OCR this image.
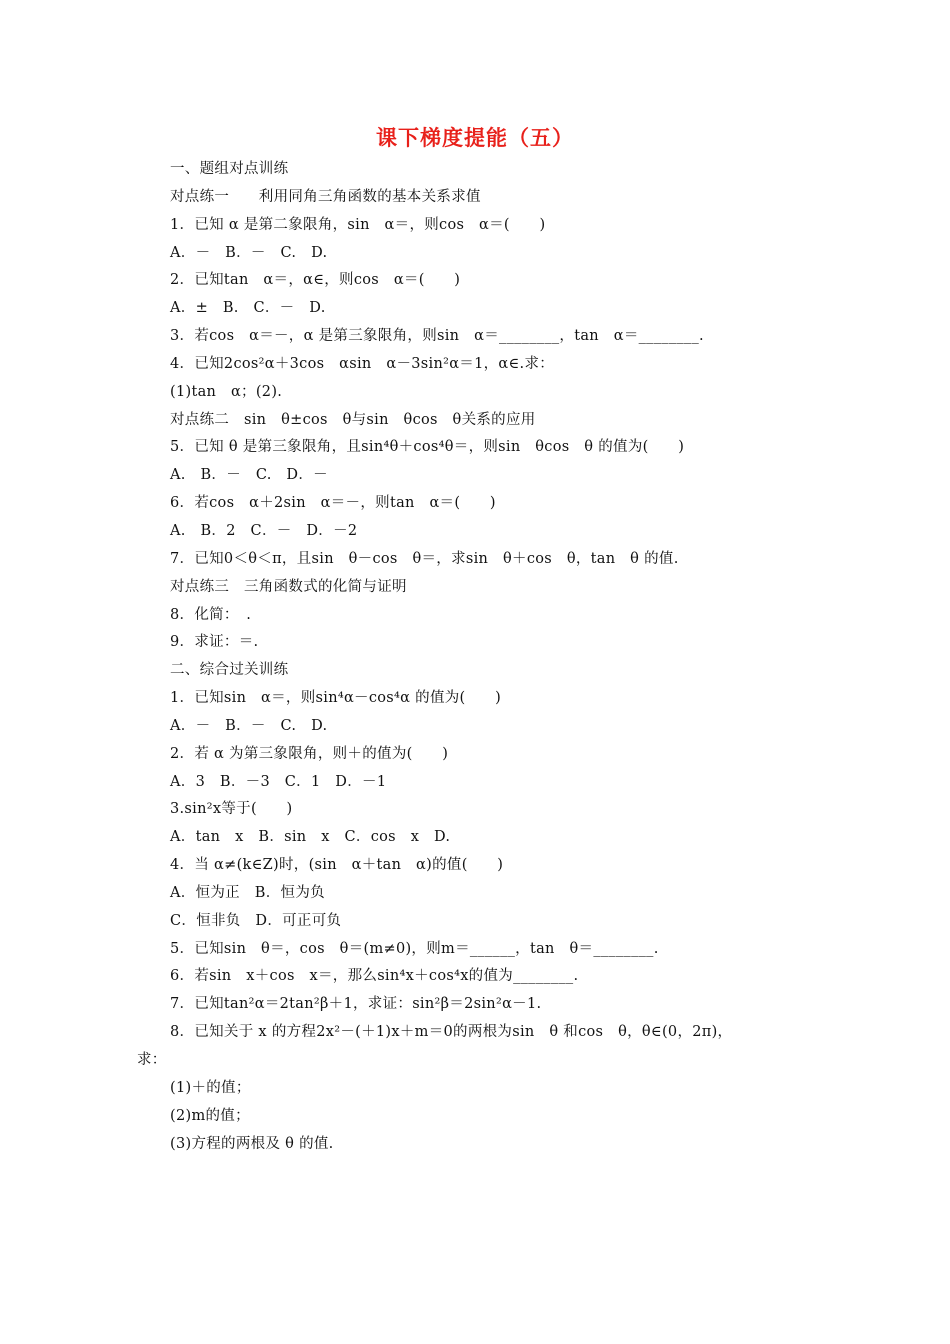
课下梯度提能（五）
一、题组对点训练
对点练一　　利用同角三角函数的基本关系求值
1．已知 α 是第二象限角，sin　α＝，则cos　α＝(　　)
A．－　B．－　C.　D.
2．已知tan　α＝，α∈，则cos　α＝(　　)
A．±　B.　C．－　D.
3．若cos　α＝－，α 是第三象限角，则sin　α＝________，tan　α＝________.
4．已知2cos²α＋3cos　αsin　α－3sin²α＝1，α∈.求：
(1)tan　α；(2).
对点练二　sin　θ±cos　θ与sin　θcos　θ关系的应用
5．已知 θ 是第三象限角，且sin⁴θ＋cos⁴θ＝，则sin　θcos　θ 的值为(　　)
A.　B．－　C.　D．－
6．若cos　α＋2sin　α＝－，则tan　α＝(　　)
A.　B．2　C．－　D．－2
7．已知0＜θ＜π，且sin　θ－cos　θ＝，求sin　θ＋cos　θ，tan　θ 的值.
对点练三　三角函数式的化简与证明
8．化简：　.
9．求证：＝.
二、综合过关训练
1．已知sin　α＝，则sin⁴α－cos⁴α 的值为(　　)
A．－　B．－　C.　D.
2．若 α 为第三象限角，则＋的值为(　　)
A．3　B．－3　C．1　D．－1
3.sin²x等于(　　)
A．tan　x　B．sin　x　C．cos　x　D.
4．当 α≠(k∈Z)时，(sin　α＋tan　α)的值(　　)
A．恒为正　B．恒为负
C．恒非负　D．可正可负
5．已知sin　θ＝，cos　θ＝(m≠0)，则m＝______，tan　θ＝________.
6．若sin　x＋cos　x＝，那么sin⁴x＋cos⁴x的值为________.
7．已知tan²α＝2tan²β＋1，求证：sin²β＝2sin²α－1.
8．已知关于 x 的方程2x²－(＋1)x＋m＝0的两根为sin　θ 和cos　θ，θ∈(0，2π)，
求：
(1)＋的值；
(2)m的值；
(3)方程的两根及 θ 的值.
